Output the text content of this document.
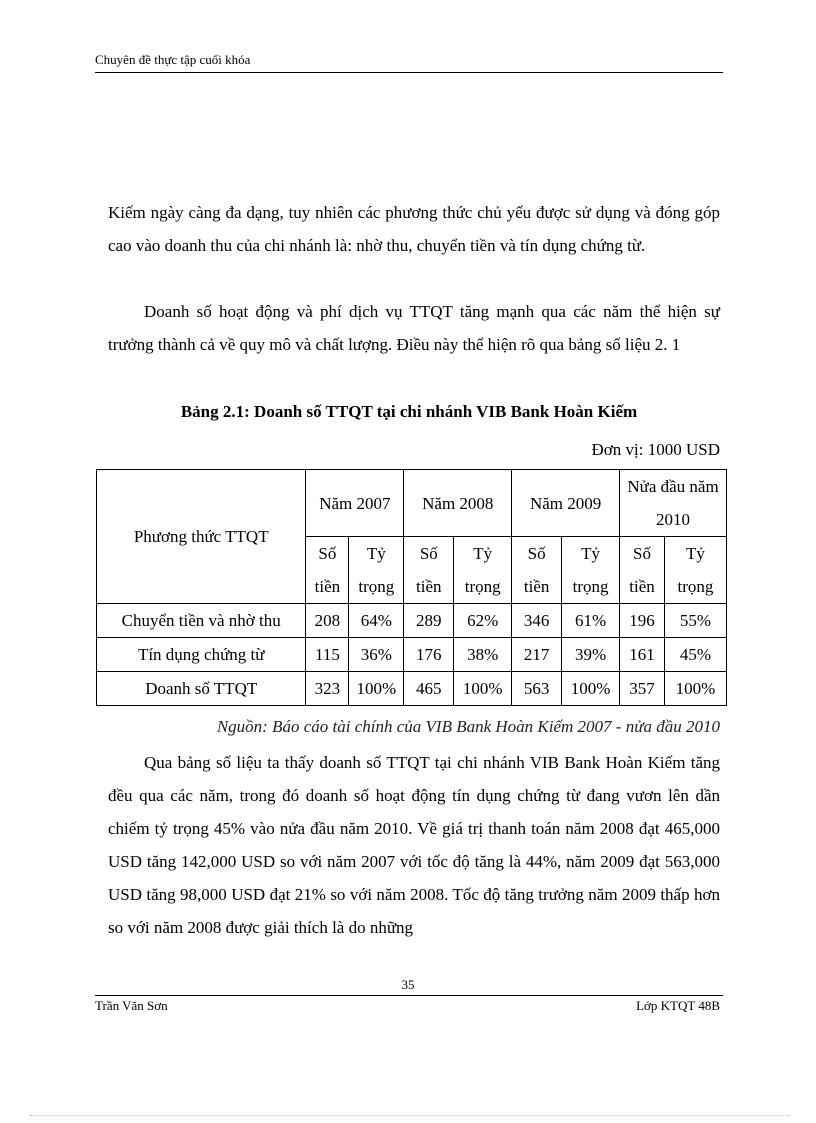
Chuyên đề thực tập cuối khóa

Kiếm ngày càng đa dạng, tuy nhiên các phương thức chủ yếu được sử dụng và đóng góp cao vào doanh thu của chi nhánh là: nhờ thu, chuyển tiền và tín dụng chứng từ.

Doanh số hoạt động và phí dịch vụ TTQT tăng mạnh qua các năm thể hiện sự trưởng thành cả về quy mô và chất lượng. Điều này thể hiện rõ qua bảng số liệu 2. 1

Bảng 2.1: Doanh số TTQT tại chi nhánh VIB Bank Hoàn Kiếm
Đơn vị: 1000 USD
Phương thức TTQT	Năm 2007		Năm 2008		Năm 2009		Nửa đầu năm 2010	
	Số tiền	Tỷ trọng	Số tiền	Tỷ trọng	Số tiền	Tỷ trọng	Số tiền	Tỷ trọng
Chuyển tiền và nhờ thu	208	64%	289	62%	346	61%	196	55%
Tín dụng chứng từ	115	36%	176	38%	217	39%	161	45%
Doanh số TTQT	323	100%	465	100%	563	100%	357	100%
Nguồn: Báo cáo tài chính của VIB Bank Hoàn Kiếm 2007 - nửa đầu 2010

Qua bảng số liệu ta thấy doanh số TTQT tại chi nhánh VIB Bank Hoàn Kiếm tăng đều qua các năm, trong đó doanh số hoạt động tín dụng chứng từ đang vươn lên dần chiếm tỷ trọng 45% vào nửa đầu năm 2010. Về giá trị thanh toán năm 2008 đạt 465,000 USD tăng 142,000 USD so với năm 2007 với tốc độ tăng là 44%, năm 2009 đạt 563,000 USD tăng 98,000 USD đạt 21% so với năm 2008. Tốc độ tăng trưởng năm 2009 thấp hơn so với năm 2008 được giải thích là do những

35
Trần Văn Sơn	Lớp KTQT 48B
